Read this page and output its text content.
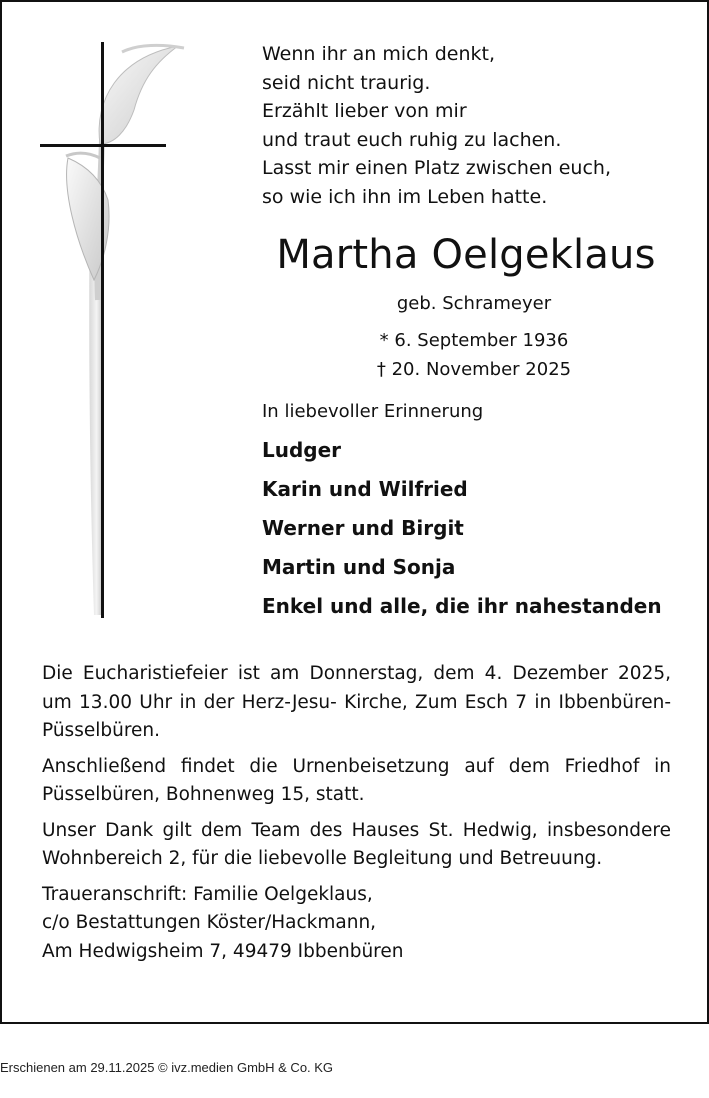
Wenn ihr an mich denkt,
seid nicht traurig.
Erzählt lieber von mir
und traut euch ruhig zu lachen.
Lasst mir einen Platz zwischen euch,
so wie ich ihn im Leben hatte.
Martha Oelgeklaus
geb. Schrameyer
* 6. September 1936
† 20. November 2025
In liebevoller Erinnerung
Ludger
Karin und Wilfried
Werner und Birgit
Martin und Sonja
Enkel und alle, die ihr nahestanden

Die Eucharistiefeier ist am Donnerstag, dem 4. Dezember 2025, um 13.00 Uhr in der Herz-Jesu- Kirche, Zum Esch 7 in Ibbenbüren-Püsselbüren.

Anschließend findet die Urnenbeisetzung auf dem Friedhof in Püsselbüren, Bohnenweg 15, statt.

Unser Dank gilt dem Team des Hauses St. Hedwig, insbesondere Wohnbereich 2, für die liebevolle Begleitung und Betreuung.

Traueranschrift: Familie Oelgeklaus,
c/o Bestattungen Köster/Hackmann,
Am Hedwigsheim 7, 49479 Ibbenbüren
Erschienen am 29.11.2025 © ivz.medien GmbH & Co. KG
